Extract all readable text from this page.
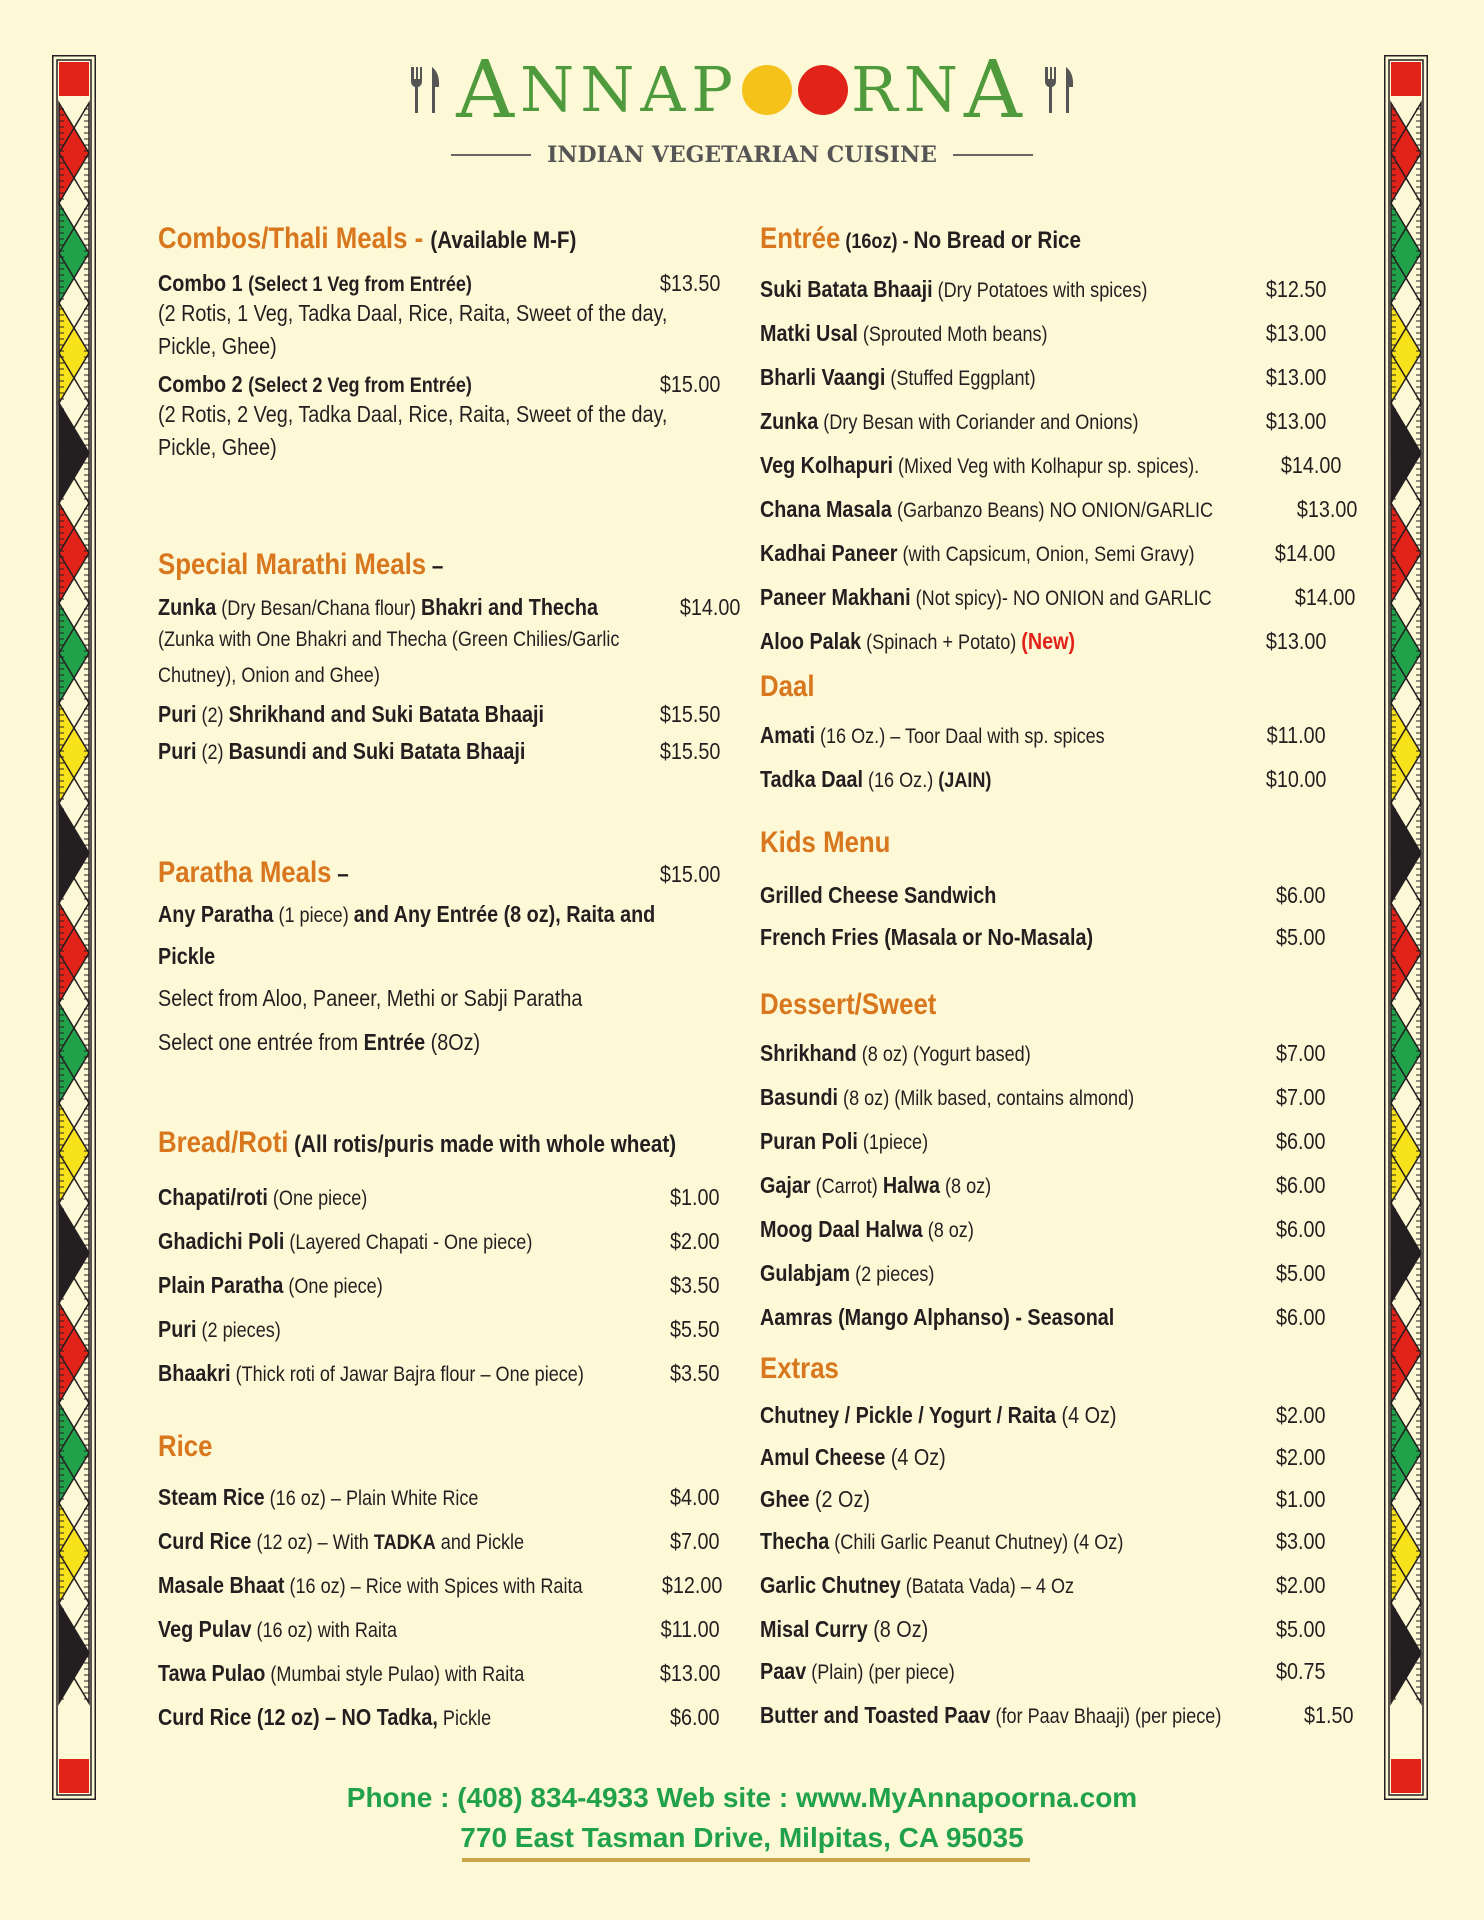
A NNAP RN A
INDIAN VEGETARIAN CUISINE
Combos/Thali Meals - (Available M-F)
Combo 1 (Select 1 Veg from Entrée)	$13.50
(2 Rotis, 1 Veg, Tadka Daal, Rice, Raita, Sweet of the day,
Pickle, Ghee)
Combo 2 (Select 2 Veg from Entrée)	$15.00
(2 Rotis, 2 Veg, Tadka Daal, Rice, Raita, Sweet of the day,
Pickle, Ghee)
Special Marathi Meals –
Zunka (Dry Besan/Chana flour) Bhakri and Thecha	$14.00
(Zunka with One Bhakri and Thecha (Green Chilies/Garlic
Chutney), Onion and Ghee)
Puri (2) Shrikhand and Suki Batata Bhaaji	$15.50
Puri (2) Basundi and Suki Batata Bhaaji	$15.50
Paratha Meals –	$15.00
Any Paratha (1 piece) and Any Entrée (8 oz), Raita and
Pickle
Select from Aloo, Paneer, Methi or Sabji Paratha
Select one entrée from Entrée (8Oz)
Bread/Roti (All rotis/puris made with whole wheat)
Chapati/roti (One piece)	$1.00
Ghadichi Poli (Layered Chapati - One piece)	$2.00
Plain Paratha (One piece)	$3.50
Puri (2 pieces)	$5.50
Bhaakri (Thick roti of Jawar Bajra flour – One piece)	$3.50
Rice
Steam Rice (16 oz) – Plain White Rice	$4.00
Curd Rice (12 oz) – With TADKA and Pickle	$7.00
Masale Bhaat (16 oz) – Rice with Spices with Raita	$12.00
Veg Pulav (16 oz) with Raita	$11.00
Tawa Pulao (Mumbai style Pulao) with Raita	$13.00
Curd Rice (12 oz) – NO Tadka, Pickle	$6.00
Entrée (16oz) - No Bread or Rice
Suki Batata Bhaaji (Dry Potatoes with spices)	$12.50
Matki Usal (Sprouted Moth beans)	$13.00
Bharli Vaangi (Stuffed Eggplant)	$13.00
Zunka (Dry Besan with Coriander and Onions)	$13.00
Veg Kolhapuri (Mixed Veg with Kolhapur sp. spices).	$14.00
Chana Masala (Garbanzo Beans) NO ONION/GARLIC	$13.00
Kadhai Paneer (with Capsicum, Onion, Semi Gravy)	$14.00
Paneer Makhani (Not spicy)- NO ONION and GARLIC	$14.00
Aloo Palak (Spinach + Potato) (New)	$13.00
Daal
Amati (16 Oz.) – Toor Daal with sp. spices	$11.00
Tadka Daal (16 Oz.) (JAIN)	$10.00
Kids Menu
Grilled Cheese Sandwich	$6.00
French Fries (Masala or No-Masala)	$5.00
Dessert/Sweet
Shrikhand (8 oz) (Yogurt based)	$7.00
Basundi (8 oz) (Milk based, contains almond)	$7.00
Puran Poli (1piece)	$6.00
Gajar (Carrot) Halwa (8 oz)	$6.00
Moog Daal Halwa (8 oz)	$6.00
Gulabjam (2 pieces)	$5.00
Aamras (Mango Alphanso) - Seasonal	$6.00
Extras
Chutney / Pickle / Yogurt / Raita (4 Oz)	$2.00
Amul Cheese (4 Oz)	$2.00
Ghee (2 Oz)	$1.00
Thecha (Chili Garlic Peanut Chutney) (4 Oz)	$3.00
Garlic Chutney (Batata Vada) – 4 Oz	$2.00
Misal Curry (8 Oz)	$5.00
Paav (Plain) (per piece)	$0.75
Butter and Toasted Paav (for Paav Bhaaji) (per piece)	$1.50
Phone : (408) 834-4933 Web site : www.MyAnnapoorna.com
770 East Tasman Drive, Milpitas, CA 95035
